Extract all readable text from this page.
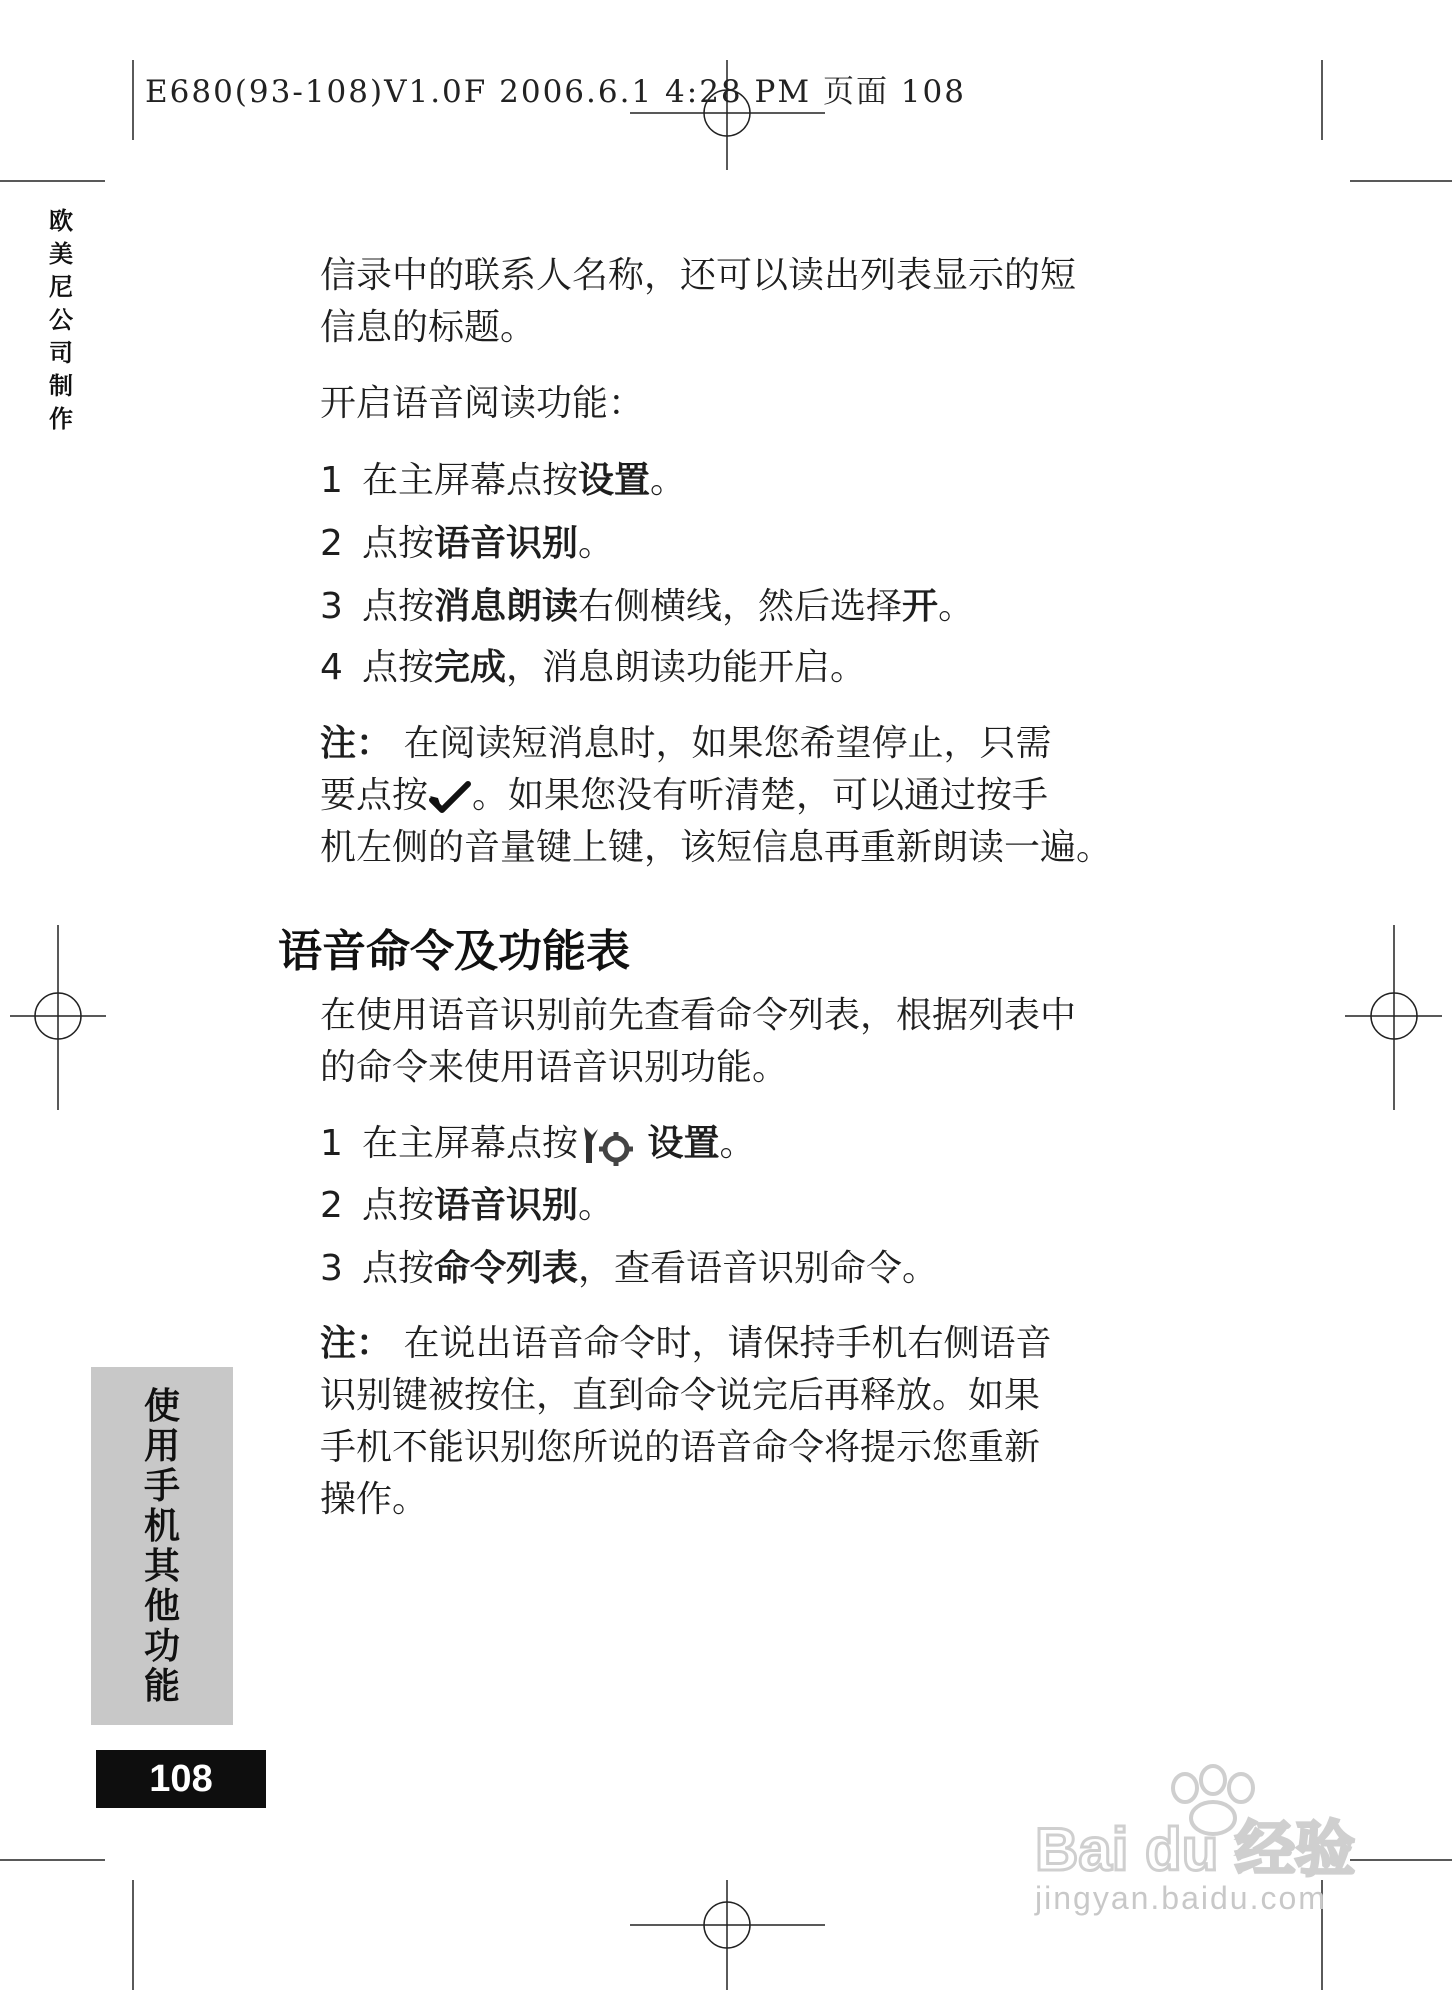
E680(93-108)V1.0F 2006.6.1 4:28 PM 页面 108
欧
美
尼
公
司
制
作

信录中的联系人名称，还可以读出列表显示的短

信息的标题。

开启语音阅读功能：
1 在主屏幕点按设置。
2 点按语音识别。
3 点按消息朗读右侧横线，然后选择开。
4 点按完成，消息朗读功能开启。

注： 在阅读短消息时，如果您希望停止，只需

要点按 。如果您没有听清楚，可以通过按手

机左侧的音量键上键，该短信息再重新朗读一遍。

语音命令及功能表

在使用语音识别前先查看命令列表，根据列表中

的命令来使用语音识别功能。

1 在主屏幕点按 设置。
2 点按语音识别。
3 点按命令列表，查看语音识别命令。

注： 在说出语音命令时，请保持手机右侧语音

识别键被按住，直到命令说完后再释放。如果

手机不能识别您所说的语音命令将提示您重新

操作。

使
用
手
机
其
他
功
能
108
Bai du 经验
jingyan.baidu.com
